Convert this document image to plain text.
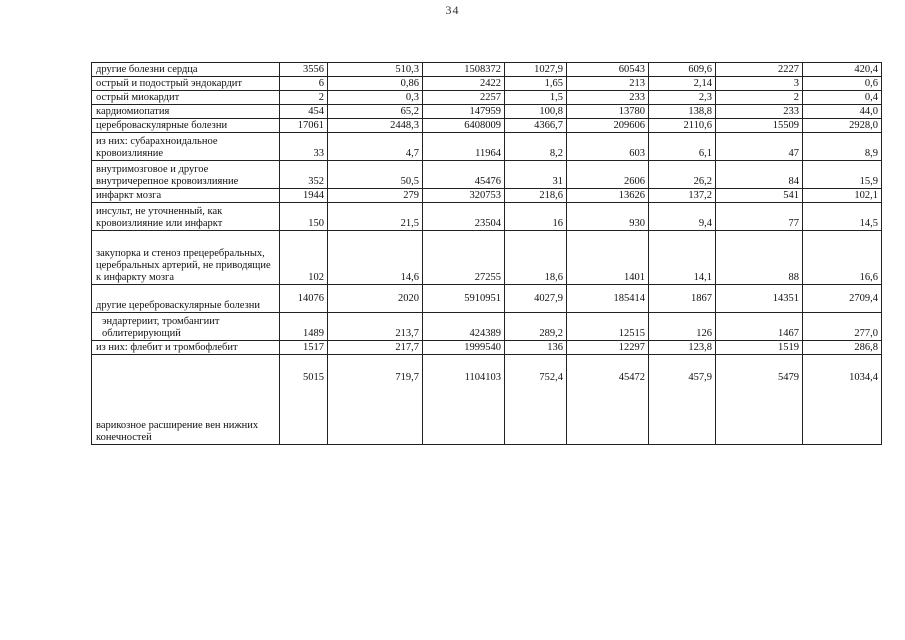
34
другие болезни сердца	3556	510,3	1508372	1027,9	60543	609,6	2227	420,4
острый и подострый эндокардит	6	0,86	2422	1,65	213	2,14	3	0,6
острый миокардит	2	0,3	2257	1,5	233	2,3	2	0,4
кардиомиопатия	454	65,2	147959	100,8	13780	138,8	233	44,0
цереброваскулярные болезни	17061	2448,3	6408009	4366,7	209606	2110,6	15509	2928,0
из них: субарахноидальное кровоизлияние	33	4,7	11964	8,2	603	6,1	47	8,9
внутримозговое и другое внутричерепное кровоизлияние	352	50,5	45476	31	2606	26,2	84	15,9
инфаркт мозга	1944	279	320753	218,6	13626	137,2	541	102,1
инсульт, не уточненный, как кровоизлияние или инфаркт	150	21,5	23504	16	930	9,4	77	14,5
закупорка и стеноз прецеребральных, церебральных артерий, не приводящие к инфаркту мозга	102	14,6	27255	18,6	1401	14,1	88	16,6
другие цереброваскулярные болезни	14076	2020	5910951	4027,9	185414	1867	14351	2709,4
эндартериит, тромбангиит облитерирующий	1489	213,7	424389	289,2	12515	126	1467	277,0
из них: флебит и тромбофлебит	1517	217,7	1999540	136	12297	123,8	1519	286,8
варикозное расширение вен нижних конечностей	5015	719,7	1104103	752,4	45472	457,9	5479	1034,4
